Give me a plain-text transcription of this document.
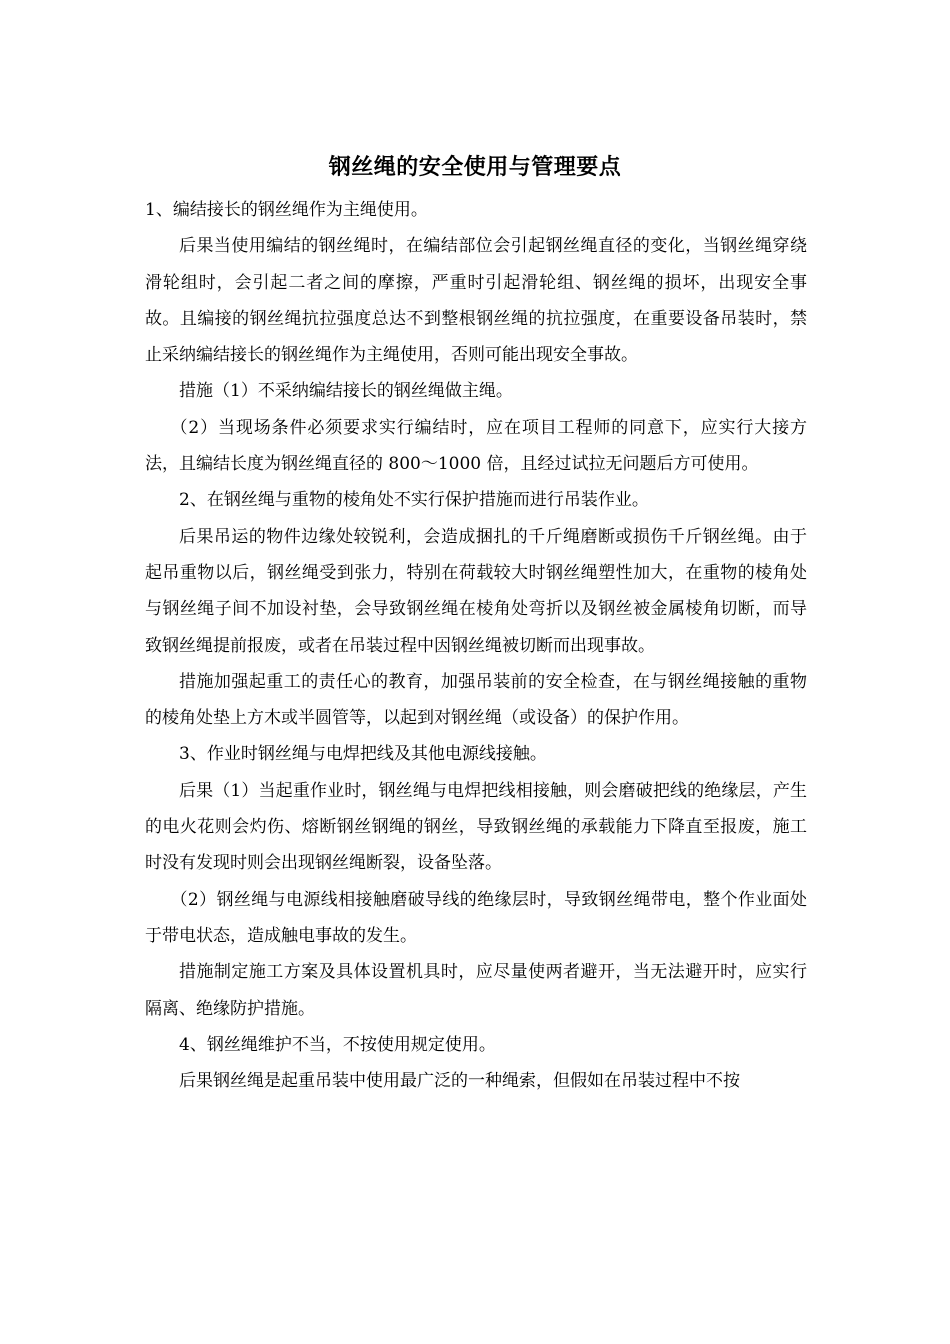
钢丝绳的安全使用与管理要点

1、编结接长的钢丝绳作为主绳使用。

后果当使用编结的钢丝绳时，在编结部位会引起钢丝绳直径的变化，当钢丝绳穿绕滑轮组时，会引起二者之间的摩擦，严重时引起滑轮组、钢丝绳的损坏，出现安全事故。且编接的钢丝绳抗拉强度总达不到整根钢丝绳的抗拉强度，在重要设备吊装时，禁止采纳编结接长的钢丝绳作为主绳使用，否则可能出现安全事故。

措施（1）不采纳编结接长的钢丝绳做主绳。

（2）当现场条件必须要求实行编结时，应在项目工程师的同意下，应实行大接方法，且编结长度为钢丝绳直径的 800～1000 倍，且经过试拉无问题后方可使用。

2、在钢丝绳与重物的棱角处不实行保护措施而进行吊装作业。

后果吊运的物件边缘处较锐利，会造成捆扎的千斤绳磨断或损伤千斤钢丝绳。由于起吊重物以后，钢丝绳受到张力，特别在荷载较大时钢丝绳塑性加大，在重物的棱角处与钢丝绳子间不加设衬垫，会导致钢丝绳在棱角处弯折以及钢丝被金属棱角切断，而导致钢丝绳提前报废，或者在吊装过程中因钢丝绳被切断而出现事故。

措施加强起重工的责任心的教育，加强吊装前的安全检查，在与钢丝绳接触的重物的棱角处垫上方木或半圆管等，以起到对钢丝绳（或设备）的保护作用。

3、作业时钢丝绳与电焊把线及其他电源线接触。

后果（1）当起重作业时，钢丝绳与电焊把线相接触，则会磨破把线的绝缘层，产生的电火花则会灼伤、熔断钢丝钢绳的钢丝，导致钢丝绳的承载能力下降直至报废，施工时没有发现时则会出现钢丝绳断裂，设备坠落。

（2）钢丝绳与电源线相接触磨破导线的绝缘层时，导致钢丝绳带电，整个作业面处于带电状态，造成触电事故的发生。

措施制定施工方案及具体设置机具时，应尽量使两者避开，当无法避开时，应实行隔离、绝缘防护措施。

4、钢丝绳维护不当，不按使用规定使用。

后果钢丝绳是起重吊装中使用最广泛的一种绳索，但假如在吊装过程中不按
